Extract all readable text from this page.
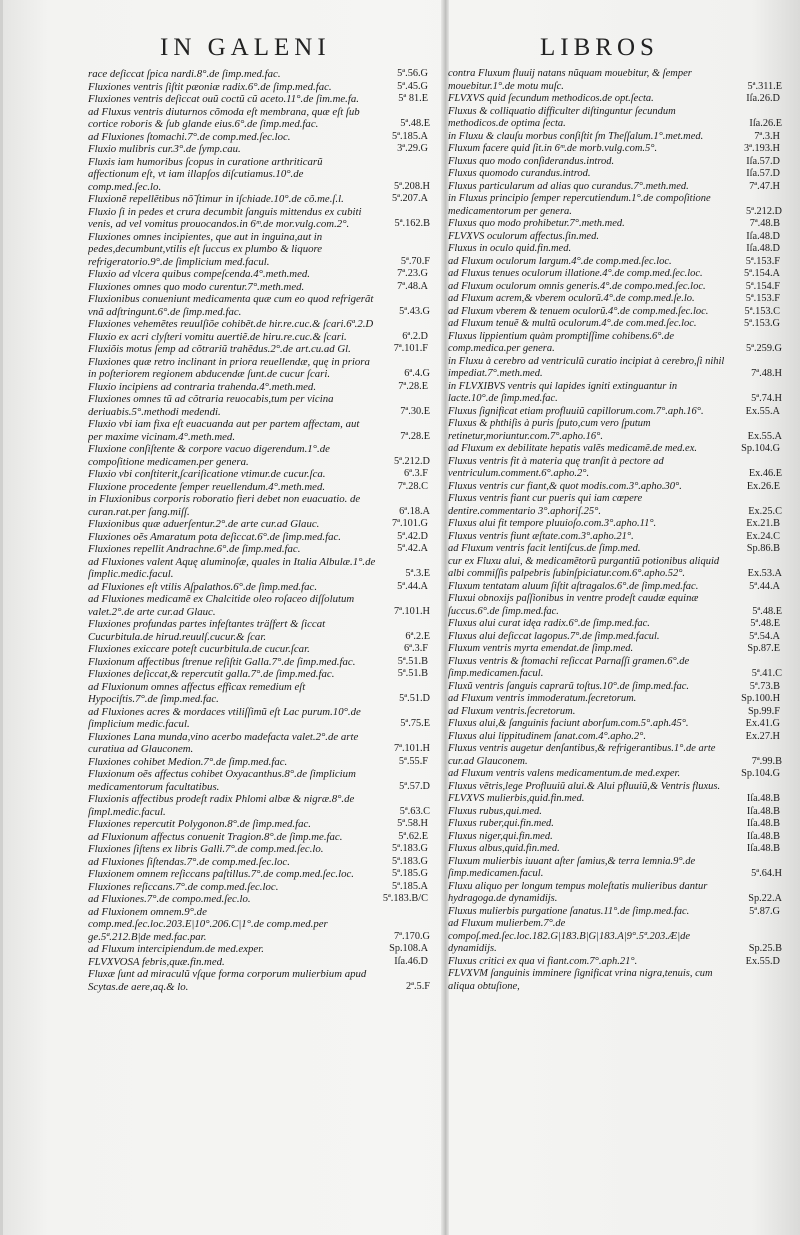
IN GALENI	LIBROS
race deſiccat ſpica nardi.8°.de ſimp.med.fac.	5ª.56.G
Fluxiones ventris ſiſtit pæoniæ radix.6°.de ſimp.med.fac.	5ª.45.G
Fluxiones ventris deſiccat ouũ coctũ cũ aceto.11°.de ſim.me.fa.	5ª 81.E
ad Fluxus ventris diuturnos cõmoda eſt membrana, quæ eſt ſub cortice roboris & ſub glande eius.6°.de ſimp.med.fac.	5ª.48.E
ad Fluxiones ſtomachi.7°.de comp.med.ſec.loc.	5ª.185.A
Fluxio mulibris cur.3°.de ſymp.cau.	3ª.29.G
Fluxis iam humoribus ſcopus in curatione arthriticarũ affectionum eſt, vt iam illapſos diſcutiamus.10°.de comp.med.ſec.lo.	5ª.208.H
Fluxionẽ repellẽtibus nõ̃ ſtimur in iſchiade.10°.de cõ.me.ſ.l.	5ª.207.A
Fluxio ſi in pedes et crura decumbit ſanguis mittendus ex cubiti venis, ad vel vomitus prouocandos.in 6ᵐ.de mor.vulg.com.2°.	5ª.162.B
Fluxiones omnes incipientes, que aut in inguina,aut in pedes,decumbunt,vtilis eſt ſuccus ex plumbo & liquore refrigeratorio.9°.de ſimplicium med.facul.	5ª.70.F
Fluxio ad vlcera quibus compeſcenda.4°.meth.med.	7ª.23.G
Fluxiones omnes quo modo curentur.7°.meth.med.	7ª.48.A
Fluxionibus conueniunt medicamenta quæ cum eo quod refrigerãt vnã adſtringunt.6°.de ſimp.med.fac.	5ª.43.G
Fluxiones vehemẽtes reuulſiõe cohibẽt.de hir.re.cuc.& ſcari.6ª.2.D
Fluxio ex acri clyſteri vomitu auertiẽ.de hiru.re.cuc.& ſcari.	6ª.2.D
Fluxiõis motus ſemp ad cõtrariũ trahẽdus.2°.de art.cu.ad Gl.	7ª.101.F
Fluxiones quæ retro inclinant in priora reuellendæ, quę in priora in poſteriorem regionem abducendæ ſunt.de cucur ſcari.	6ª.4.G
Fluxio incipiens ad contraria trahenda.4°.meth.med.	7ª.28.E
Fluxiones omnes tũ ad cõtraria reuocabis,tum per vicina deriuabis.5°.methodi medendi.	7ª.30.E
Fluxio vbi iam fixa eſt euacuanda aut per partem affectam, aut per maxime vicinam.4°.meth.med.	7ª.28.E
Fluxione conſiſtente & corpore vacuo digerendum.1°.de compoſitione medicamen.per genera.	5ª.212.D
Fluxio vbi conſtiterit,ſcariſicatione vtimur.de cucur.ſca.	6ª.3.F
Fluxione procedente ſemper reuellendum.4°.meth.med.	7ª.28.C
in Fluxionibus corporis roboratio fieri debet non euacuatio. de curan.rat.per ſang.miſſ.	6ª.18.A
Fluxionibus quæ aduerſentur.2°.de arte cur.ad Glauc.	7ª.101.G
Fluxiones oẽs Amaratum pota deſiccat.6°.de ſimp.med.fac.	5ª.42.D
Fluxiones repellit Andrachne.6°.de ſimp.med.fac.	5ª.42.A
ad Fluxiones valent Aquę aluminoſæ, quales in Italia Albulæ.1°.de ſimplic.medic.facul.	5ª.3.E
ad Fluxiones eſt vtilis Aſpalathos.6°.de ſimp.med.fac.	5ª.44.A
ad Fluxiones medicamẽ ex Chalcitide oleo roſaceo diſſolutum valet.2°.de arte cur.ad Glauc.	7ª.101.H
Fluxiones profundas partes infeſtantes träſfert & ſiccat Cucurbitula.de hirud.reuulſ.cucur.& ſcar.	6ª.2.E
Fluxiones exiccare poteſt cucurbitula.de cucur.ſcar.	6ª.3.F
Fluxionum affectibus ſtrenue reſiſtit Galla.7°.de ſimp.med.fac.	5ª.51.B
Fluxiones deſiccat,& repercutit galla.7°.de ſimp.med.fac.	5ª.51.B
ad Fluxionum omnes affectus efficax remedium eſt Hypociſtis.7°.de ſimp.med.fac.	5ª.51.D
ad Fluxiones acres & mordaces vtiliſſimũ eſt Lac purum.10°.de ſimplicium medic.facul.	5ª.75.E
Fluxiones Lana munda,vino acerbo madefacta valet.2°.de arte curatiua ad Glauconem.	7ª.101.H
Fluxiones cohibet Medion.7°.de ſimp.med.fac.	5ª.55.F
Fluxionum oẽs affectus cohibet Oxyacanthus.8°.de ſimplicium medicamentorum facultatibus.	5ª.57.D
Fluxionis affectibus prodeſt radix Phlomi albæ & nigræ.8°.de ſimpl.medic.facul.	5ª.63.C
Fluxiones repercutit Polygonon.8°.de ſimp.med.fac.	5ª.58.H
ad Fluxionum affectus conuenit Tragion.8°.de ſimp.me.fac.	5ª.62.E
Fluxiones ſiſtens ex libris Galli.7°.de comp.med.ſec.lo.	5ª.183.G
ad Fluxiones ſiſtendas.7°.de comp.med.ſec.loc.	5ª.183.G
Fluxionem omnem reſiccans paſtillus.7°.de comp.med.ſec.loc.	5ª.185.G
Fluxiones reſiccans.7°.de comp.med.ſec.loc.	5ª.185.A
ad Fluxiones.7°.de compo.med.ſec.lo.	5ª.183.B/C
ad Fluxionem omnem.9°.de comp.med.ſec.loc.203.E|10°.206.C|1°.de comp.med.per ge.5ª.212.B|de med.fac.par.	7ª.170.G
ad Fluxum intercipiendum.de med.exper.	Sp.108.A
FLVXVOSA febris,quæ.fin.med.	Iſa.46.D
Fluxæ ſunt ad miraculũ vſque forma corporum mulierbium apud Scytas.de aere,aq.& lo.	2ª.5.F
contra Fluxum fluuij natans nũquam mouebitur, & ſemper mouebitur.1°.de motu muſc.	5ª.311.E
FLVXVS quid ſecundum methodicos.de opt.ſecta.	Iſa.26.D
Fluxus & colliquatio difficulter diſtinguntur ſecundum methodicos.de optima ſecta.	Iſa.26.E
in Fluxu & clauſu morbus conſiſtit ſm Theſſalum.1°.met.med.	7ª.3.H
Fluxum facere quid ſit.in 6ᵐ.de morb.vulg.com.5°.	3ª.193.H
Fluxus quo modo conſiderandus.introd.	Iſa.57.D
Fluxus quomodo curandus.introd.	Iſa.57.D
Fluxus particularum ad alias quo curandus.7°.meth.med.	7ª.47.H
in Fluxus principio ſemper repercutiendum.1°.de compoſitione medicamentorum per genera.	5ª.212.D
Fluxus quo modo prohibetur.7°.meth.med.	7ª.48.B
FLVXVS oculorum affectus.ſin.med.	Iſa.48.D
Fluxus in oculo quid.fin.med.	Iſa.48.D
ad Fluxum oculorum largum.4°.de comp.med.ſec.loc.	5ª.153.F
ad Fluxus tenues oculorum illatione.4°.de comp.med.ſec.loc.	5ª.154.A
ad Fluxum oculorum omnis generis.4°.de compo.med.ſec.loc.	5ª.154.F
ad Fluxum acrem,& vberem oculorũ.4°.de comp.med.ſe.lo.	5ª.153.F
ad Fluxum vberem & tenuem oculorũ.4°.de comp.med.ſec.loc.	5ª.153.C
ad Fluxum tenuẽ & multũ oculorum.4°.de com.med.ſec.loc.	5ª.153.G
Fluxus lippientium quàm promptiſſime cohibens.6°.de comp.medica.per genera.	5ª.259.G
in Fluxu à cerebro ad ventriculũ curatio incipiat à cerebro,ſi nihil impediat.7°.meth.med.	7ª.48.H
in FLVXIBVS ventris qui lapides igniti extinguantur in lacte.10°.de ſimp.med.fac.	5ª.74.H
Fluxus ſignificat etiam profluuiũ capillorum.com.7°.aph.16°.	Ex.55.A
Fluxus & phthiſis à puris ſputo,cum vero ſputum retinetur,moriuntur.com.7°.apho.16°.	Ex.55.A
ad Fluxum ex debilitate hepatis valẽs medicamẽ.de med.ex.	Sp.104.G
Fluxus ventris fit à materia quę tranſit à pectore ad ventriculum.comment.6°.apho.2°.	Ex.46.E
Fluxus ventris cur fiant,& quot modis.com.3°.apho.30°.	Ex.26.E
Fluxus ventris fiant cur pueris qui iam cœpere dentire.commentario 3°.aphoriſ.25°.	Ex.25.C
Fluxus alui fit tempore pluuioſo.com.3°.apho.11°.	Ex.21.B
Fluxus ventris fiunt æſtate.com.3°.apho.21°.	Ex.24.C
ad Fluxum ventris facit lentiſcus.de ſimp.med.	Sp.86.B
cur ex Fluxu alui, & medicamẽtorũ purgantiũ potionibus aliquid albi commiſſis palpebris ſubinſpiciatur.com.6°.apho.52°.	Ex.53.A
Fluxum tentatam aluum ſiſtit aſtragalos.6°.de ſimp.med.fac.	5ª.44.A
Fluxui obnoxijs paſſionibus in ventre prodeſt caudæ equinæ ſuccus.6°.de ſimp.med.fac.	5ª.48.E
Fluxus alui curat idęa radix.6°.de ſimp.med.fac.	5ª.48.E
Fluxus alui deſiccat lagopus.7°.de ſimp.med.facul.	5ª.54.A
Fluxum ventris myrta emendat.de ſimp.med.	Sp.87.E
Fluxus ventris & ſtomachi reſiccat Parnaſſi gramen.6°.de ſimp.medicamen.facul.	5ª.41.C
Fluxũ ventris ſanguis caprarũ toſtus.10°.de ſimp.med.fac.	5ª.73.B
ad Fluxum ventris immoderatum.ſecretorum.	Sp.100.H
ad Fluxum ventris.ſecretorum.	Sp.99.F
Fluxus alui,& ſanguinis faciunt aborſum.com.5°.aph.45°.	Ex.41.G
Fluxus alui lippitudinem ſanat.com.4°.apho.2°.	Ex.27.H
Fluxus ventris augetur denſantibus,& refrigerantibus.1°.de arte cur.ad Glauconem.	7ª.99.B
ad Fluxum ventris valens medicamentum.de med.exper.	Sp.104.G
Fluxus vẽtris,lege Profluuiũ alui.& Alui pfluuiũ,& Ventris fluxus.
FLVXVS mulierbis,quid.fin.med.	Iſa.48.B
Fluxus rubus,qui.med.	Iſa.48.B
Fluxus ruber,qui.fin.med.	Iſa.48.B
Fluxus niger,qui.fin.med.	Iſa.48.B
Fluxus albus,quid.fin.med.	Iſa.48.B
Fluxum mulierbis iuuant aſter ſamius,& terra lemnia.9°.de ſimp.medicamen.facul.	5ª.64.H
Fluxu aliquo per longum tempus moleſtatis mulieribus dantur hydragoga.de dynamidijs.	Sp.22.A
Fluxus mulierbis purgatione ſanatus.11°.de ſimp.med.fac.	5ª.87.G
ad Fluxum mulierbem.7°.de compoſ.med.ſec.loc.182.G|183.B|G|183.A|9°.5ª.203.Æ|de dynamidijs.	Sp.25.B
Fluxus critici ex qua vi fiant.com.7°.aph.21°.	Ex.55.D
FLVXVM ſanguinis imminere ſignificat vrina nigra,tenuis, cum aliqua obtuſione,
